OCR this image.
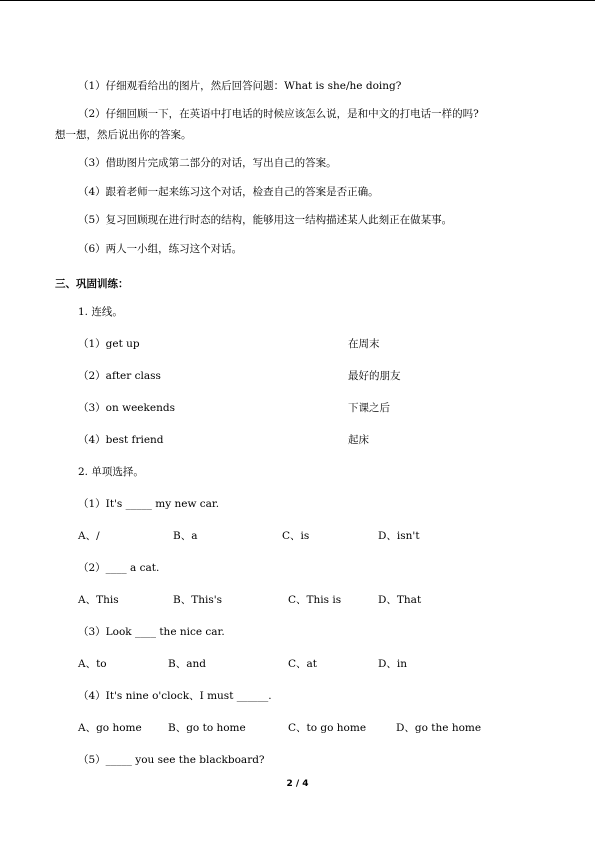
（1）仔细观看给出的图片，然后回答问题：What is she/he doing?
（2）仔细回顾一下，在英语中打电话的时候应该怎么说，是和中文的打电话一样的吗?
想一想，然后说出你的答案。
（3）借助图片完成第二部分的对话，写出自己的答案。
（4）跟着老师一起来练习这个对话，检查自己的答案是否正确。
（5）复习回顾现在进行时态的结构，能够用这一结构描述某人此刻正在做某事。
（6）两人一小组，练习这个对话。
三、巩固训练：
1. 连线。
（1）get up	在周末
（2）after class	最好的朋友
（3）on weekends	下课之后
（4）best friend	起床
2. 单项选择。
（1）It's _____ my new car.
A、/	B、a	C、is	D、isn't
（2）____ a cat.
A、This	B、This's	C、This is	D、That
（3）Look ____ the nice car.
A、to	B、and	C、at	D、in
（4）It's nine o'clock、I must ______.
A、go home	B、go to home	C、to go home	D、go the home
（5）_____ you see the blackboard?
2 / 4
